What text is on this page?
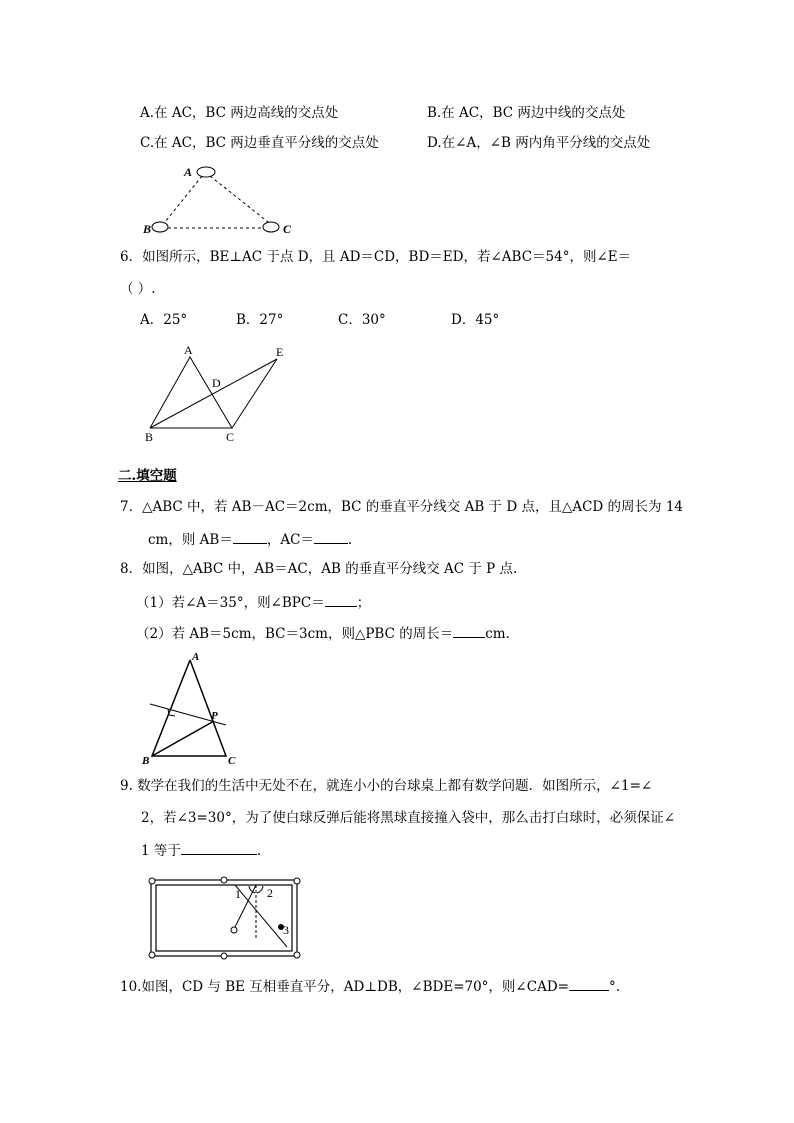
A.在 AC，BC 两边高线的交点处	B.在 AC，BC 两边中线的交点处
C.在 AC，BC 两边垂直平分线的交点处	D.在∠A，∠B 两内角平分线的交点处
A
B	C
6．如图所示，BE⊥AC 于点 D，且 AD＝CD，BD＝ED，若∠ABC＝54°，则∠E＝
（ ）.
A．25°	B．27°	C．30°	D．45°
A
B	C
D
E
二.填空题
7．△ABC 中，若 AB－AC＝2cm，BC 的垂直平分线交 AB 于 D 点，且△ACD 的周长为 14
cm，则 AB＝	，AC＝	.
8．如图，△ABC 中，AB＝AC，AB 的垂直平分线交 AC 于 P 点.
（1）若∠A＝35°，则∠BPC＝ ；
（2）若 AB＝5cm，BC＝3cm，则△PBC 的周长＝ cm.
A
B	C
P
9. 数学在我们的生活中无处不在，就连小小的台球桌上都有数学问题．如图所示，∠1=∠
2，若∠3=30°，为了使白球反弹后能将黑球直接撞入袋中，那么击打白球时，必须保证∠
1 等于	.
1 2
3
10.如图，CD 与 BE 互相垂直平分，AD⊥DB，∠BDE=70°，则∠CAD=	°.
